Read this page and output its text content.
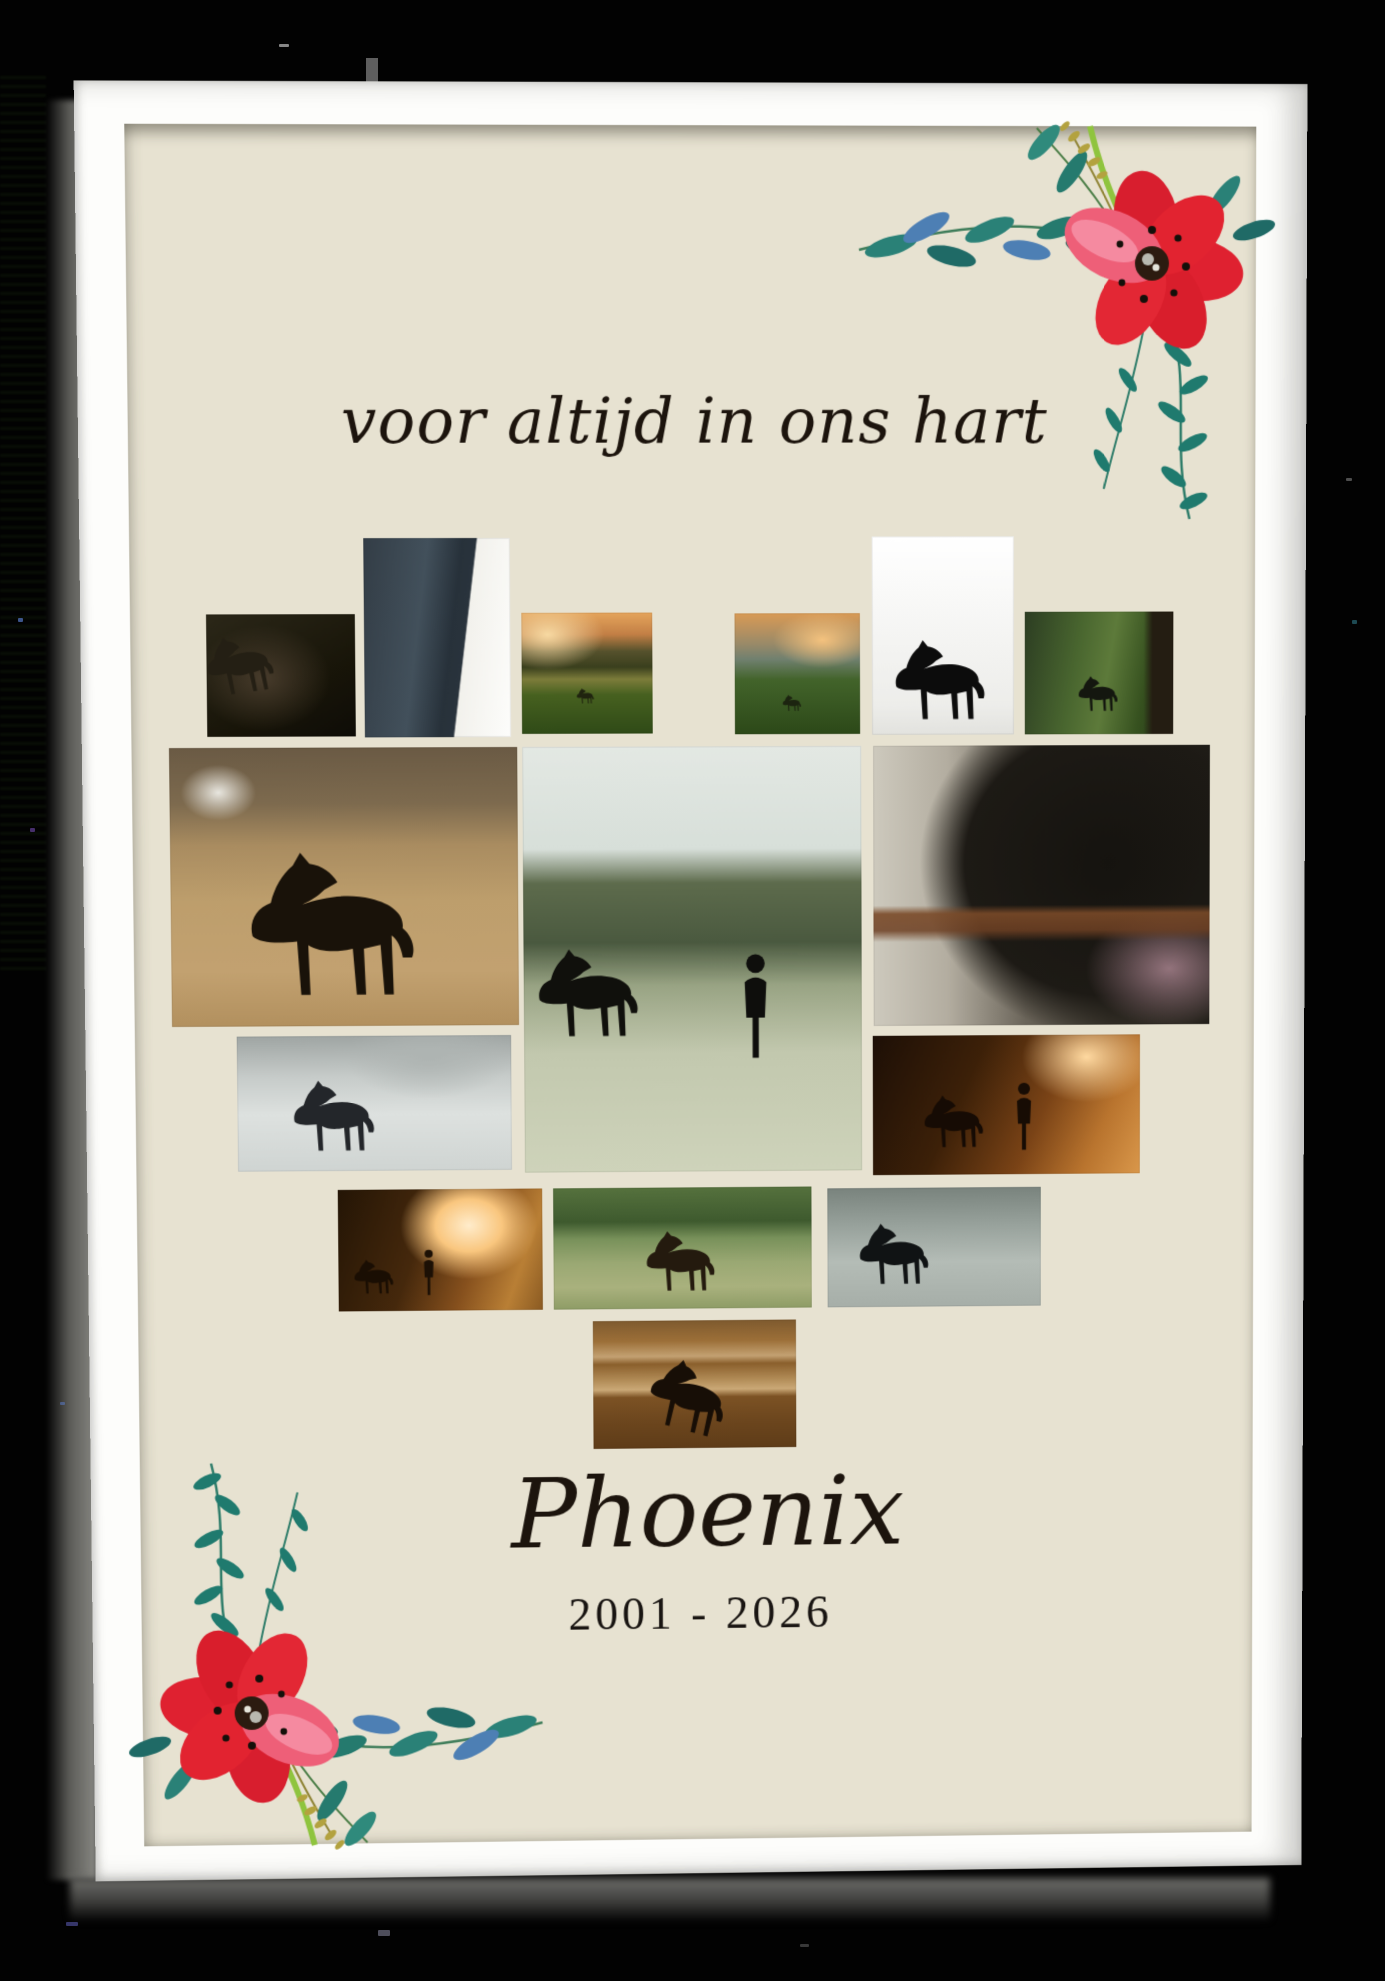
voor altijd in ons hart
Phoenix
2001 - 2026
